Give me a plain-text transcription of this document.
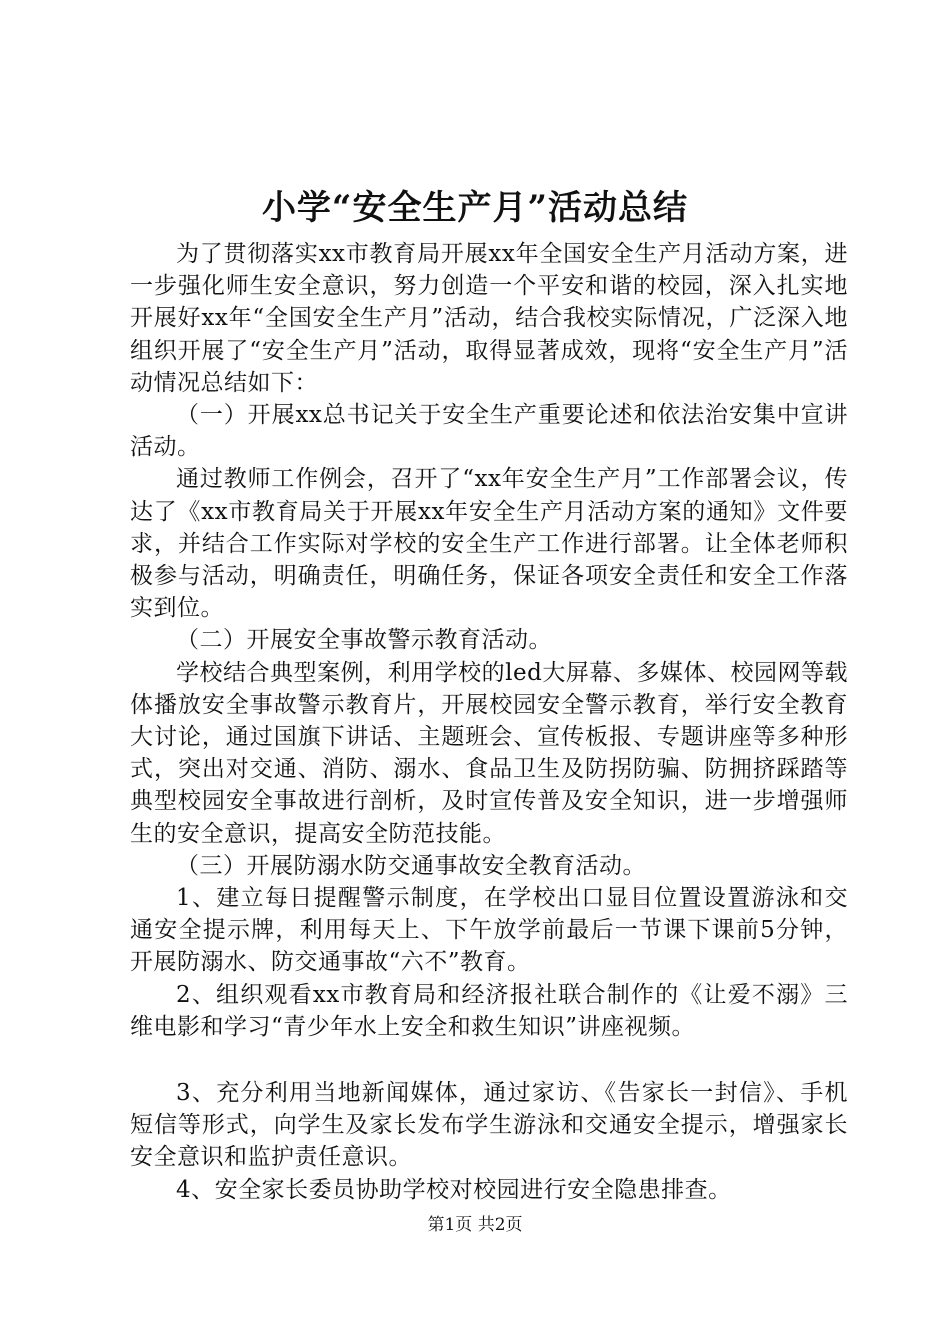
小学“安全生产月”活动总结

为了贯彻落实xx市教育局开展xx年全国安全生产月活动方案，进一步强化师生安全意识，努力创造一个平安和谐的校园，深入扎实地开展好xx年“全国安全生产月”活动，结合我校实际情况，广泛深入地组织开展了“安全生产月”活动，取得显著成效，现将“安全生产月”活动情况总结如下：

（一）开展xx总书记关于安全生产重要论述和依法治安集中宣讲活动。

通过教师工作例会，召开了“xx年安全生产月”工作部署会议，传达了《xx市教育局关于开展xx年安全生产月活动方案的通知》文件要求，并结合工作实际对学校的安全生产工作进行部署。让全体老师积极参与活动，明确责任，明确任务，保证各项安全责任和安全工作落实到位。

（二）开展安全事故警示教育活动。

学校结合典型案例，利用学校的led大屏幕、多媒体、校园网等载体播放安全事故警示教育片，开展校园安全警示教育，举行安全教育大讨论，通过国旗下讲话、主题班会、宣传板报、专题讲座等多种形式，突出对交通、消防、溺水、食品卫生及防拐防骗、防拥挤踩踏等典型校园安全事故进行剖析，及时宣传普及安全知识，进一步增强师生的安全意识，提高安全防范技能。

（三）开展防溺水防交通事故安全教育活动。

1、建立每日提醒警示制度，在学校出口显目位置设置游泳和交通安全提示牌，利用每天上、下午放学前最后一节课下课前5分钟，开展防溺水、防交通事故“六不”教育。

2、组织观看xx市教育局和经济报社联合制作的《让爱不溺》三维电影和学习“青少年水上安全和救生知识”讲座视频。

3、充分利用当地新闻媒体，通过家访、《告家长一封信》、手机短信等形式，向学生及家长发布学生游泳和交通安全提示，增强家长安全意识和监护责任意识。

4、安全家长委员协助学校对校园进行安全隐患排查。

第1页 共2页
